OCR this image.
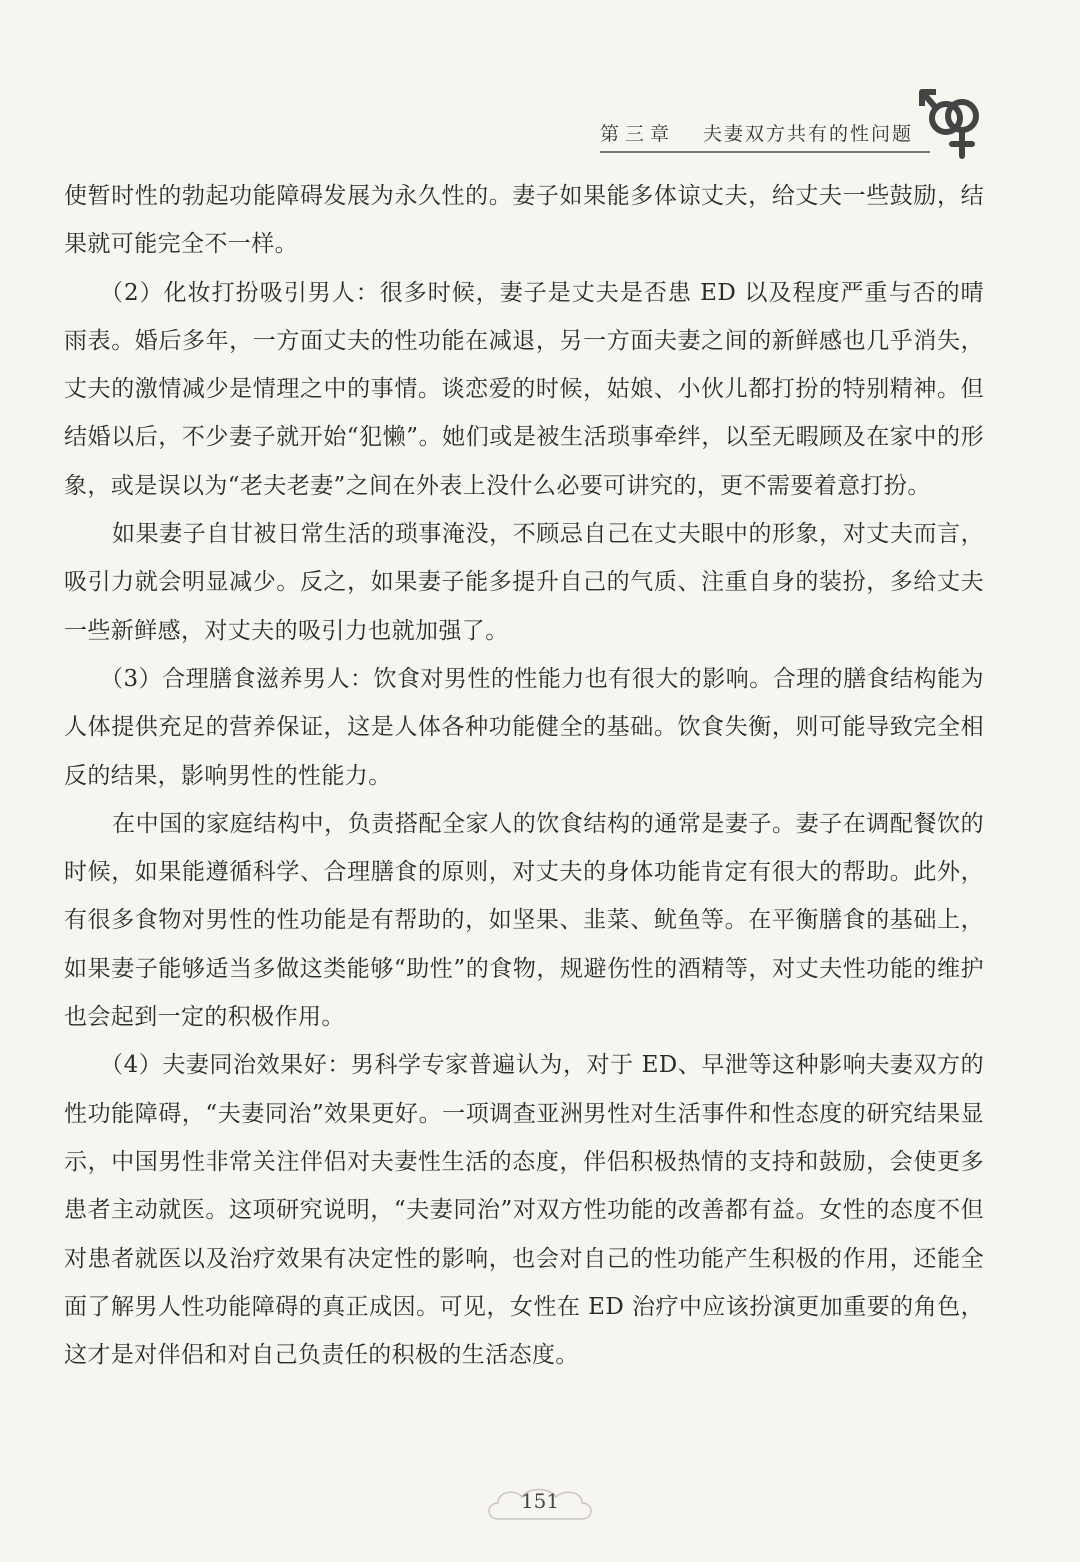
第三章 夫妻双方共有的性问题

使暂时性的勃起功能障碍发展为永久性的。妻子如果能多体谅丈夫，给丈夫一些鼓励，结果就可能完全不一样。

（2）化妆打扮吸引男人：很多时候，妻子是丈夫是否患 ED 以及程度严重与否的晴雨表。婚后多年，一方面丈夫的性功能在减退，另一方面夫妻之间的新鲜感也几乎消失，丈夫的激情减少是情理之中的事情。谈恋爱的时候，姑娘、小伙儿都打扮的特别精神。但结婚以后，不少妻子就开始“犯懒”。她们或是被生活琐事牵绊，以至无暇顾及在家中的形象，或是误以为“老夫老妻”之间在外表上没什么必要可讲究的，更不需要着意打扮。

如果妻子自甘被日常生活的琐事淹没，不顾忌自己在丈夫眼中的形象，对丈夫而言，吸引力就会明显减少。反之，如果妻子能多提升自己的气质、注重自身的装扮，多给丈夫一些新鲜感，对丈夫的吸引力也就加强了。

（3）合理膳食滋养男人：饮食对男性的性能力也有很大的影响。合理的膳食结构能为人体提供充足的营养保证，这是人体各种功能健全的基础。饮食失衡，则可能导致完全相反的结果，影响男性的性能力。

在中国的家庭结构中，负责搭配全家人的饮食结构的通常是妻子。妻子在调配餐饮的时候，如果能遵循科学、合理膳食的原则，对丈夫的身体功能肯定有很大的帮助。此外，有很多食物对男性的性功能是有帮助的，如坚果、韭菜、鱿鱼等。在平衡膳食的基础上，如果妻子能够适当多做这类能够“助性”的食物，规避伤性的酒精等，对丈夫性功能的维护也会起到一定的积极作用。

（4）夫妻同治效果好：男科学专家普遍认为，对于 ED、早泄等这种影响夫妻双方的性功能障碍，“夫妻同治”效果更好。一项调查亚洲男性对生活事件和性态度的研究结果显示，中国男性非常关注伴侣对夫妻性生活的态度，伴侣积极热情的支持和鼓励，会使更多患者主动就医。这项研究说明，“夫妻同治”对双方性功能的改善都有益。女性的态度不但对患者就医以及治疗效果有决定性的影响，也会对自己的性功能产生积极的作用，还能全面了解男人性功能障碍的真正成因。可见，女性在 ED 治疗中应该扮演更加重要的角色，这才是对伴侣和对自己负责任的积极的生活态度。

151
